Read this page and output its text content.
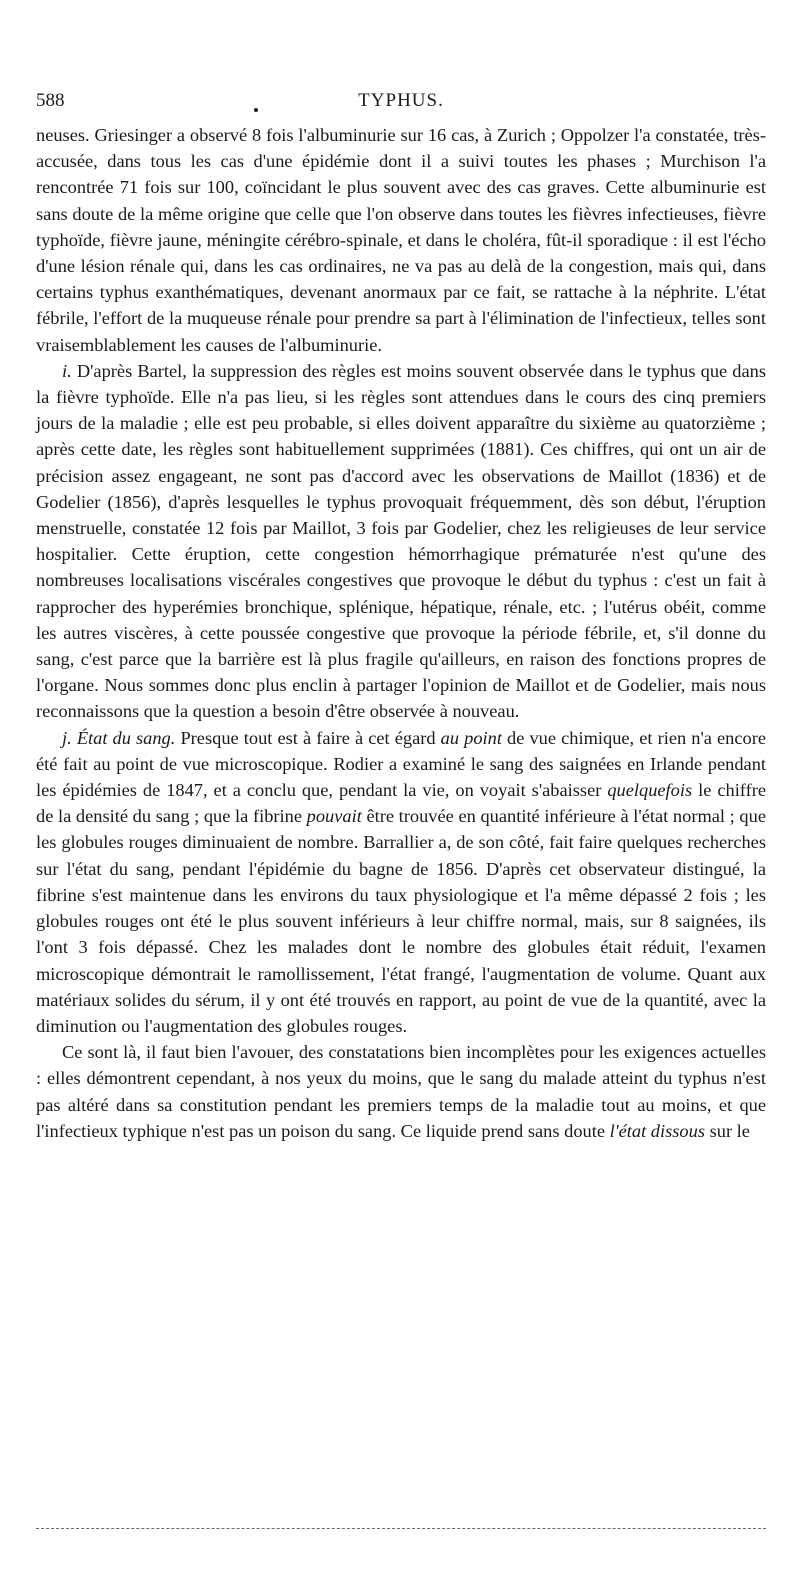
588	TYPHUS.

neuses. Griesinger a observé 8 fois l'albuminurie sur 16 cas, à Zurich ; Oppolzer l'a constatée, très-accusée, dans tous les cas d'une épidémie dont il a suivi toutes les phases ; Murchison l'a rencontrée 71 fois sur 100, coïncidant le plus souvent avec des cas graves. Cette albuminurie est sans doute de la même origine que celle que l'on observe dans toutes les fièvres infectieuses, fièvre typhoïde, fièvre jaune, méningite cérébro-spinale, et dans le choléra, fût-il sporadique : il est l'écho d'une lésion rénale qui, dans les cas ordinaires, ne va pas au delà de la congestion, mais qui, dans certains typhus exanthématiques, devenant anormaux par ce fait, se rattache à la néphrite. L'état fébrile, l'effort de la muqueuse rénale pour prendre sa part à l'élimination de l'infectieux, telles sont vraisemblablement les causes de l'albuminurie.

i. D'après Bartel, la suppression des règles est moins souvent observée dans le typhus que dans la fièvre typhoïde. Elle n'a pas lieu, si les règles sont attendues dans le cours des cinq premiers jours de la maladie ; elle est peu probable, si elles doivent apparaître du sixième au quatorzième ; après cette date, les règles sont habituellement supprimées (1881). Ces chiffres, qui ont un air de précision assez engageant, ne sont pas d'accord avec les observations de Maillot (1836) et de Godelier (1856), d'après lesquelles le typhus provoquait fréquemment, dès son début, l'éruption menstruelle, constatée 12 fois par Maillot, 3 fois par Godelier, chez les religieuses de leur service hospitalier. Cette éruption, cette congestion hémorrhagique prématurée n'est qu'une des nombreuses localisations viscérales congestives que provoque le début du typhus : c'est un fait à rapprocher des hyperémies bronchique, splénique, hépatique, rénale, etc. ; l'utérus obéit, comme les autres viscères, à cette poussée congestive que provoque la période fébrile, et, s'il donne du sang, c'est parce que la barrière est là plus fragile qu'ailleurs, en raison des fonctions propres de l'organe. Nous sommes donc plus enclin à partager l'opinion de Maillot et de Godelier, mais nous reconnaissons que la question a besoin d'être observée à nouveau.

j. État du sang. Presque tout est à faire à cet égard au point de vue chimique, et rien n'a encore été fait au point de vue microscopique. Rodier a examiné le sang des saignées en Irlande pendant les épidémies de 1847, et a conclu que, pendant la vie, on voyait s'abaisser quelquefois le chiffre de la densité du sang ; que la fibrine pouvait être trouvée en quantité inférieure à l'état normal ; que les globules rouges diminuaient de nombre. Barrallier a, de son côté, fait faire quelques recherches sur l'état du sang, pendant l'épidémie du bagne de 1856. D'après cet observateur distingué, la fibrine s'est maintenue dans les environs du taux physiologique et l'a même dépassé 2 fois ; les globules rouges ont été le plus souvent inférieurs à leur chiffre normal, mais, sur 8 saignées, ils l'ont 3 fois dépassé. Chez les malades dont le nombre des globules était réduit, l'examen microscopique démontrait le ramollissement, l'état frangé, l'augmentation de volume. Quant aux matériaux solides du sérum, il y ont été trouvés en rapport, au point de vue de la quantité, avec la diminution ou l'augmentation des globules rouges.

Ce sont là, il faut bien l'avouer, des constatations bien incomplètes pour les exigences actuelles : elles démontrent cependant, à nos yeux du moins, que le sang du malade atteint du typhus n'est pas altéré dans sa constitution pendant les premiers temps de la maladie tout au moins, et que l'infectieux typhique n'est pas un poison du sang. Ce liquide prend sans doute l'état dissous sur le
